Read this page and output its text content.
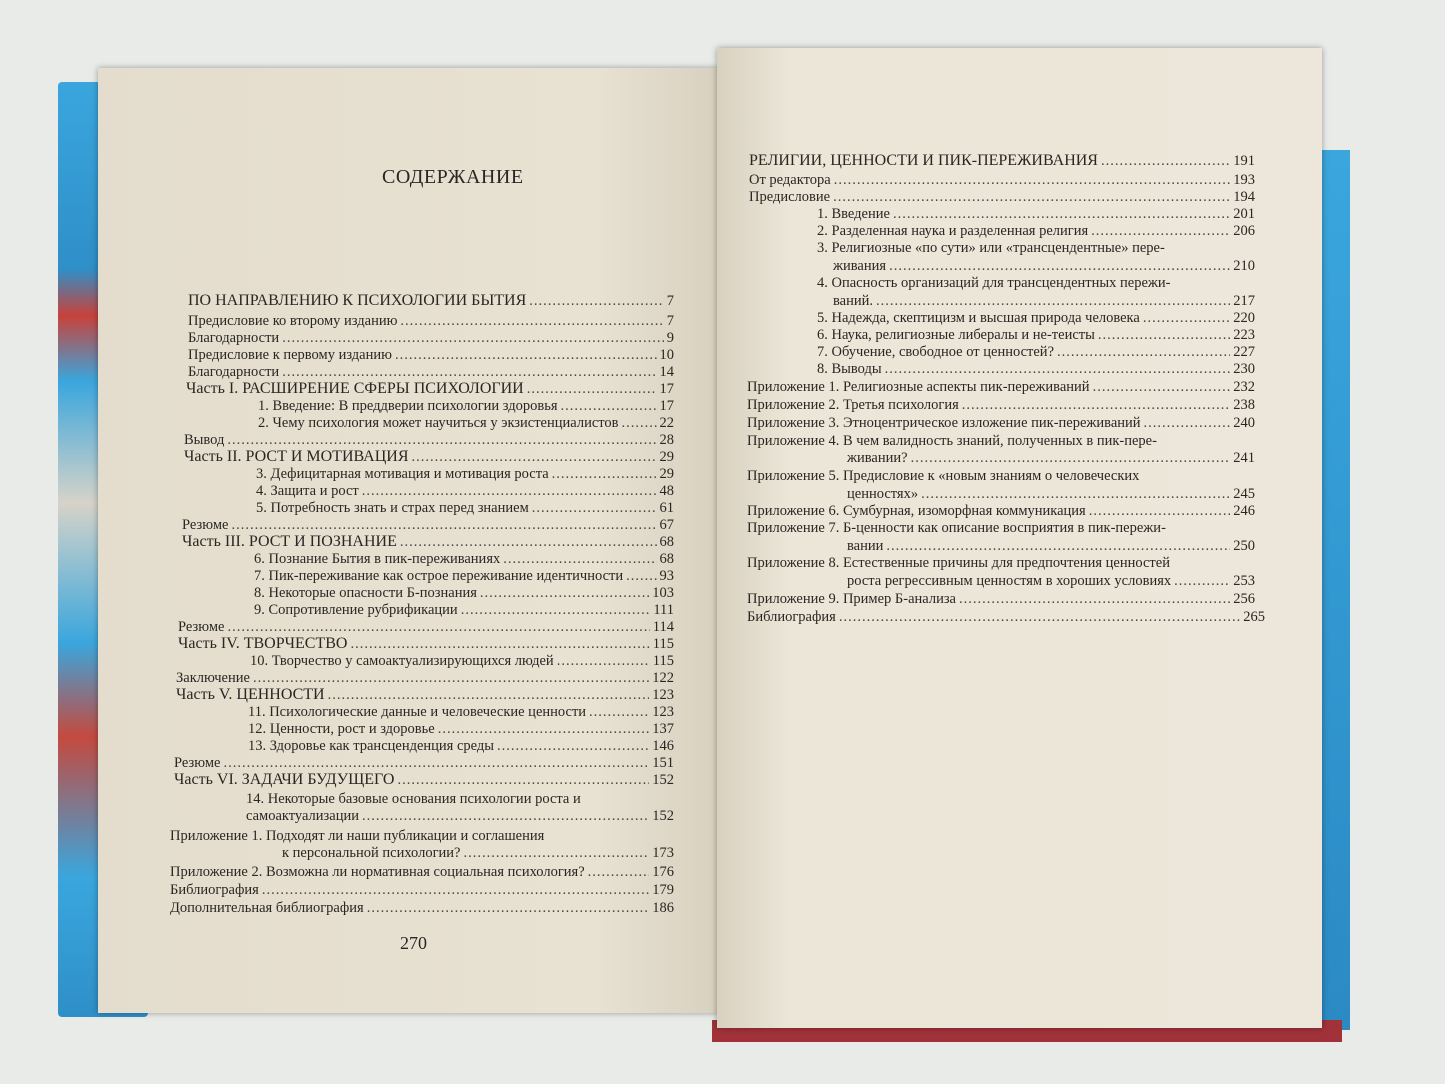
СОДЕРЖАНИЕ
ПО НАПРАВЛЕНИЮ К ПСИХОЛОГИИ БЫТИЯ .....	7
Предисловие ко второму изданию .....	7
Благодарности .....	9
Предисловие к первому изданию .....	10
Благодарности .....	14
Часть I. РАСШИРЕНИЕ СФЕРЫ ПСИХОЛОГИИ .....	17
1. Введение: В преддверии психологии здоровья .....	17
2. Чему психология может научиться у экзистенциалистов .....	22
Вывод .....	28
Часть II. РОСТ И МОТИВАЦИЯ .....	29
3. Дефицитарная мотивация и мотивация роста .....	29
4. Защита и рост .....	48
5. Потребность знать и страх перед знанием .....	61
Резюме .....	67
Часть III. РОСТ И ПОЗНАНИЕ .....	68
6. Познание Бытия в пик-переживаниях .....	68
7. Пик-переживание как острое переживание идентичности .....	93
8. Некоторые опасности Б-познания .....	103
9. Сопротивление рубрификации .....	111
Резюме .....	114
Часть IV. ТВОРЧЕСТВО .....	115
10. Творчество у самоактуализирующихся людей .....	115
Заключение .....	122
Часть V. ЦЕННОСТИ .....	123
11. Психологические данные и человеческие ценности .....	123
12. Ценности, рост и здоровье .....	137
13. Здоровье как трансценденция среды .....	146
Резюме .....	151
Часть VI. ЗАДАЧИ БУДУЩЕГО .....	152
14. Некоторые базовые основания психологии роста и
самоактуализации .....	152
Приложение 1. Подходят ли наши публикации и соглашения
к персональной психологии? .....	173
Приложение 2. Возможна ли нормативная социальная психология? .....	176
Библиография .....	179
Дополнительная библиография .....	186
270
РЕЛИГИИ, ЦЕННОСТИ И ПИК-ПЕРЕЖИВАНИЯ .....	191
От редактора .....	193
Предисловие .....	194
1. Введение .....	201
2. Разделенная наука и разделенная религия .....	206
3. Религиозные «по сути» или «трансцендентные» пере-
живания .....	210
4. Опасность организаций для трансцендентных пережи-
ваний. .....	217
5. Надежда, скептицизм и высшая природа человека .....	220
6. Наука, религиозные либералы и не-теисты .....	223
7. Обучение, свободное от ценностей? .....	227
8. Выводы .....	230
Приложение 1. Религиозные аспекты пик-переживаний .....	232
Приложение 2. Третья психология .....	238
Приложение 3. Этноцентрическое изложение пик-переживаний .....	240
Приложение 4. В чем валидность знаний, полученных в пик-пере-
живании? .....	241
Приложение 5. Предисловие к «новым знаниям о человеческих
ценностях» .....	245
Приложение 6. Сумбурная, изоморфная коммуникация .....	246
Приложение 7. Б-ценности как описание восприятия в пик-пережи-
вании .....	250
Приложение 8. Естественные причины для предпочтения ценностей
роста регрессивным ценностям в хороших условиях .....	253
Приложение 9. Пример Б-анализа .....	256
Библиография .....	265
